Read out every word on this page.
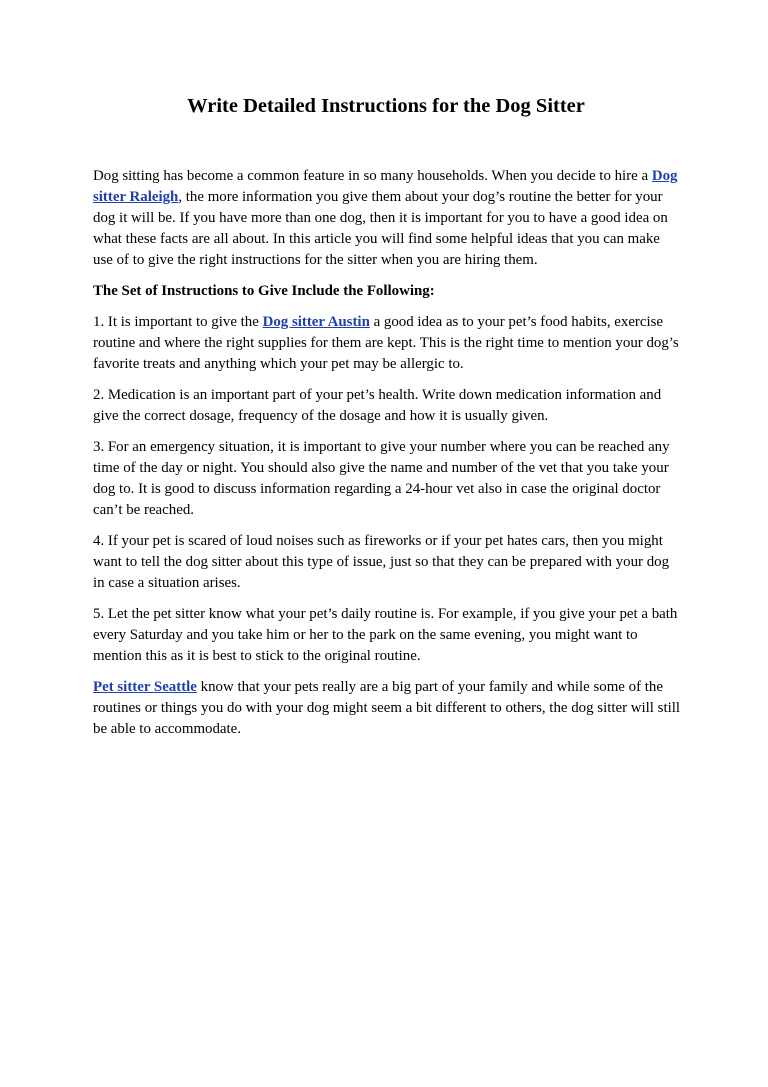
Write Detailed Instructions for the Dog Sitter

Dog sitting has become a common feature in so many households. When you decide to hire a Dog sitter Raleigh, the more information you give them about your dog’s routine the better for your dog it will be. If you have more than one dog, then it is important for you to have a good idea on what these facts are all about. In this article you will find some helpful ideas that you can make use of to give the right instructions for the sitter when you are hiring them.

The Set of Instructions to Give Include the Following:

1. It is important to give the Dog sitter Austin a good idea as to your pet’s food habits, exercise routine and where the right supplies for them are kept. This is the right time to mention your dog’s favorite treats and anything which your pet may be allergic to.

2. Medication is an important part of your pet’s health. Write down medication information and give the correct dosage, frequency of the dosage and how it is usually given.

3. For an emergency situation, it is important to give your number where you can be reached any time of the day or night. You should also give the name and number of the vet that you take your dog to. It is good to discuss information regarding a 24-hour vet also in case the original doctor can’t be reached.

4. If your pet is scared of loud noises such as fireworks or if your pet hates cars, then you might want to tell the dog sitter about this type of issue, just so that they can be prepared with your dog in case a situation arises.

5. Let the pet sitter know what your pet’s daily routine is. For example, if you give your pet a bath every Saturday and you take him or her to the park on the same evening, you might want to mention this as it is best to stick to the original routine.

Pet sitter Seattle know that your pets really are a big part of your family and while some of the routines or things you do with your dog might seem a bit different to others, the dog sitter will still be able to accommodate.
